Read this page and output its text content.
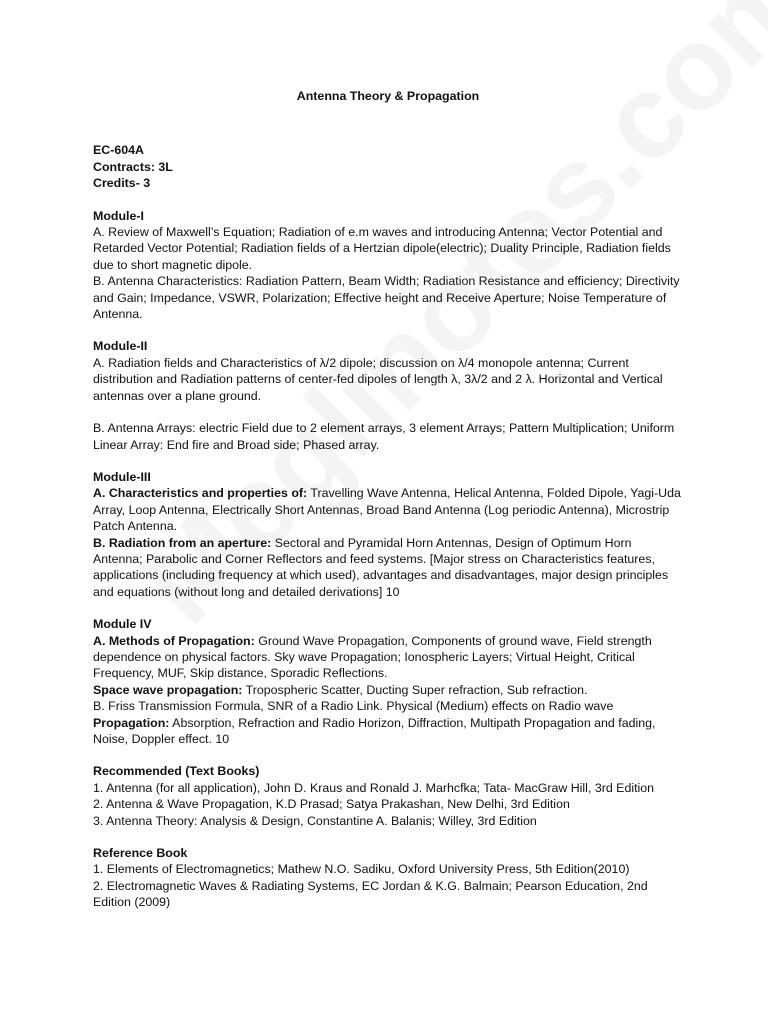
Antenna Theory & Propagation
EC-604A
Contracts: 3L
Credits- 3
Module-I
A. Review of Maxwell’s Equation; Radiation of e.m waves and introducing Antenna; Vector Potential and Retarded Vector Potential; Radiation fields of a Hertzian dipole(electric); Duality Principle, Radiation fields due to short magnetic dipole.
B. Antenna Characteristics: Radiation Pattern, Beam Width; Radiation Resistance and efficiency; Directivity and Gain; Impedance, VSWR, Polarization; Effective height and Receive Aperture; Noise Temperature of Antenna.
Module-II
A. Radiation fields and Characteristics of λ/2 dipole; discussion on λ/4 monopole antenna; Current distribution and Radiation patterns of center-fed dipoles of length λ, 3λ/2 and 2 λ. Horizontal and Vertical antennas over a plane ground.
B. Antenna Arrays: electric Field due to 2 element arrays, 3 element Arrays; Pattern Multiplication; Uniform Linear Array: End fire and Broad side; Phased array.
Module-III
A. Characteristics and properties of: Travelling Wave Antenna, Helical Antenna, Folded Dipole, Yagi-Uda Array, Loop Antenna, Electrically Short Antennas, Broad Band Antenna (Log periodic Antenna), Microstrip Patch Antenna.
B. Radiation from an aperture: Sectoral and Pyramidal Horn Antennas, Design of Optimum Horn Antenna; Parabolic and Corner Reflectors and feed systems. [Major stress on Characteristics features, applications (including frequency at which used), advantages and disadvantages, major design principles and equations (without long and detailed derivations] 10
Module IV
A. Methods of Propagation: Ground Wave Propagation, Components of ground wave, Field strength dependence on physical factors. Sky wave Propagation; Ionospheric Layers; Virtual Height, Critical Frequency, MUF, Skip distance, Sporadic Reflections.
Space wave propagation: Tropospheric Scatter, Ducting Super refraction, Sub refraction.
B. Friss Transmission Formula, SNR of a Radio Link. Physical (Medium) effects on Radio wave Propagation: Absorption, Refraction and Radio Horizon, Diffraction, Multipath Propagation and fading, Noise, Doppler effect. 10
Recommended (Text Books)
1. Antenna (for all application), John D. Kraus and Ronald J. Marhcfka; Tata- MacGraw Hill, 3rd Edition
2. Antenna & Wave Propagation, K.D Prasad; Satya Prakashan, New Delhi, 3rd Edition
3. Antenna Theory: Analysis & Design, Constantine A. Balanis; Willey, 3rd Edition
Reference Book
1. Elements of Electromagnetics; Mathew N.O. Sadiku, Oxford University Press, 5th Edition(2010)
2. Electromagnetic Waves & Radiating Systems, EC Jordan & K.G. Balmain; Pearson Education, 2nd Edition (2009)
